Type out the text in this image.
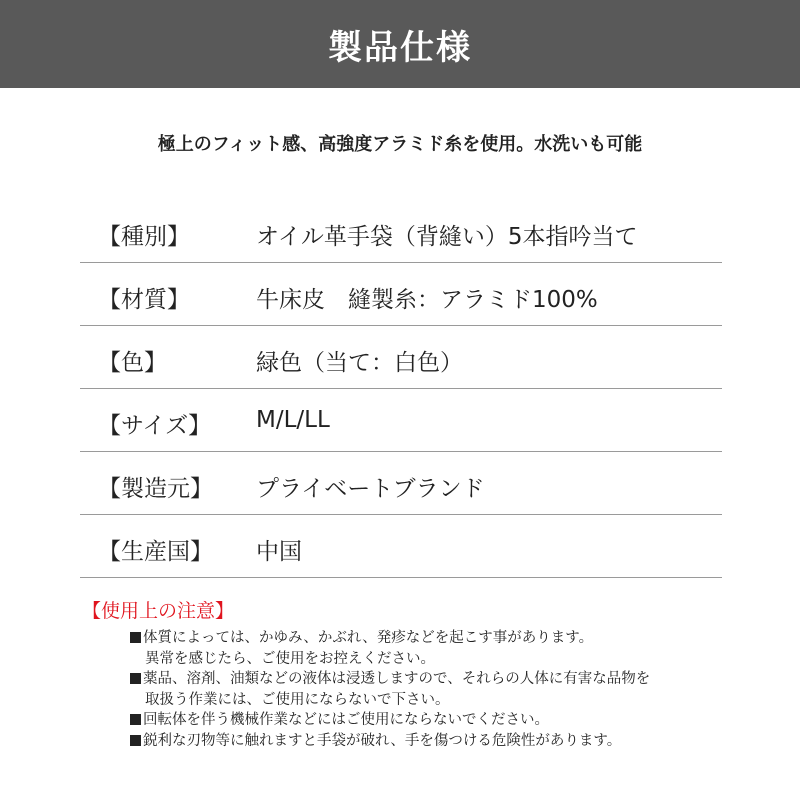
製品仕様
極上のフィット感、高強度アラミド糸を使用。水洗いも可能
【種別】	オイル革手袋（背縫い）5本指吟当て
【材質】	牛床皮　縫製糸：アラミド100%
【色】	緑色（当て：白色）
【サイズ】 M/L/LL
【製造元】 プライベートブランド
【生産国】 中国
【使用上の注意】
体質によっては、かゆみ、かぶれ、発疹などを起こす事があります。
異常を感じたら、ご使用をお控えください。
薬品、溶剤、油類などの液体は浸透しますので、それらの人体に有害な品物を
取扱う作業には、ご使用にならないで下さい。
回転体を伴う機械作業などにはご使用にならないでください。
鋭利な刃物等に触れますと手袋が破れ、手を傷つける危険性があります。
